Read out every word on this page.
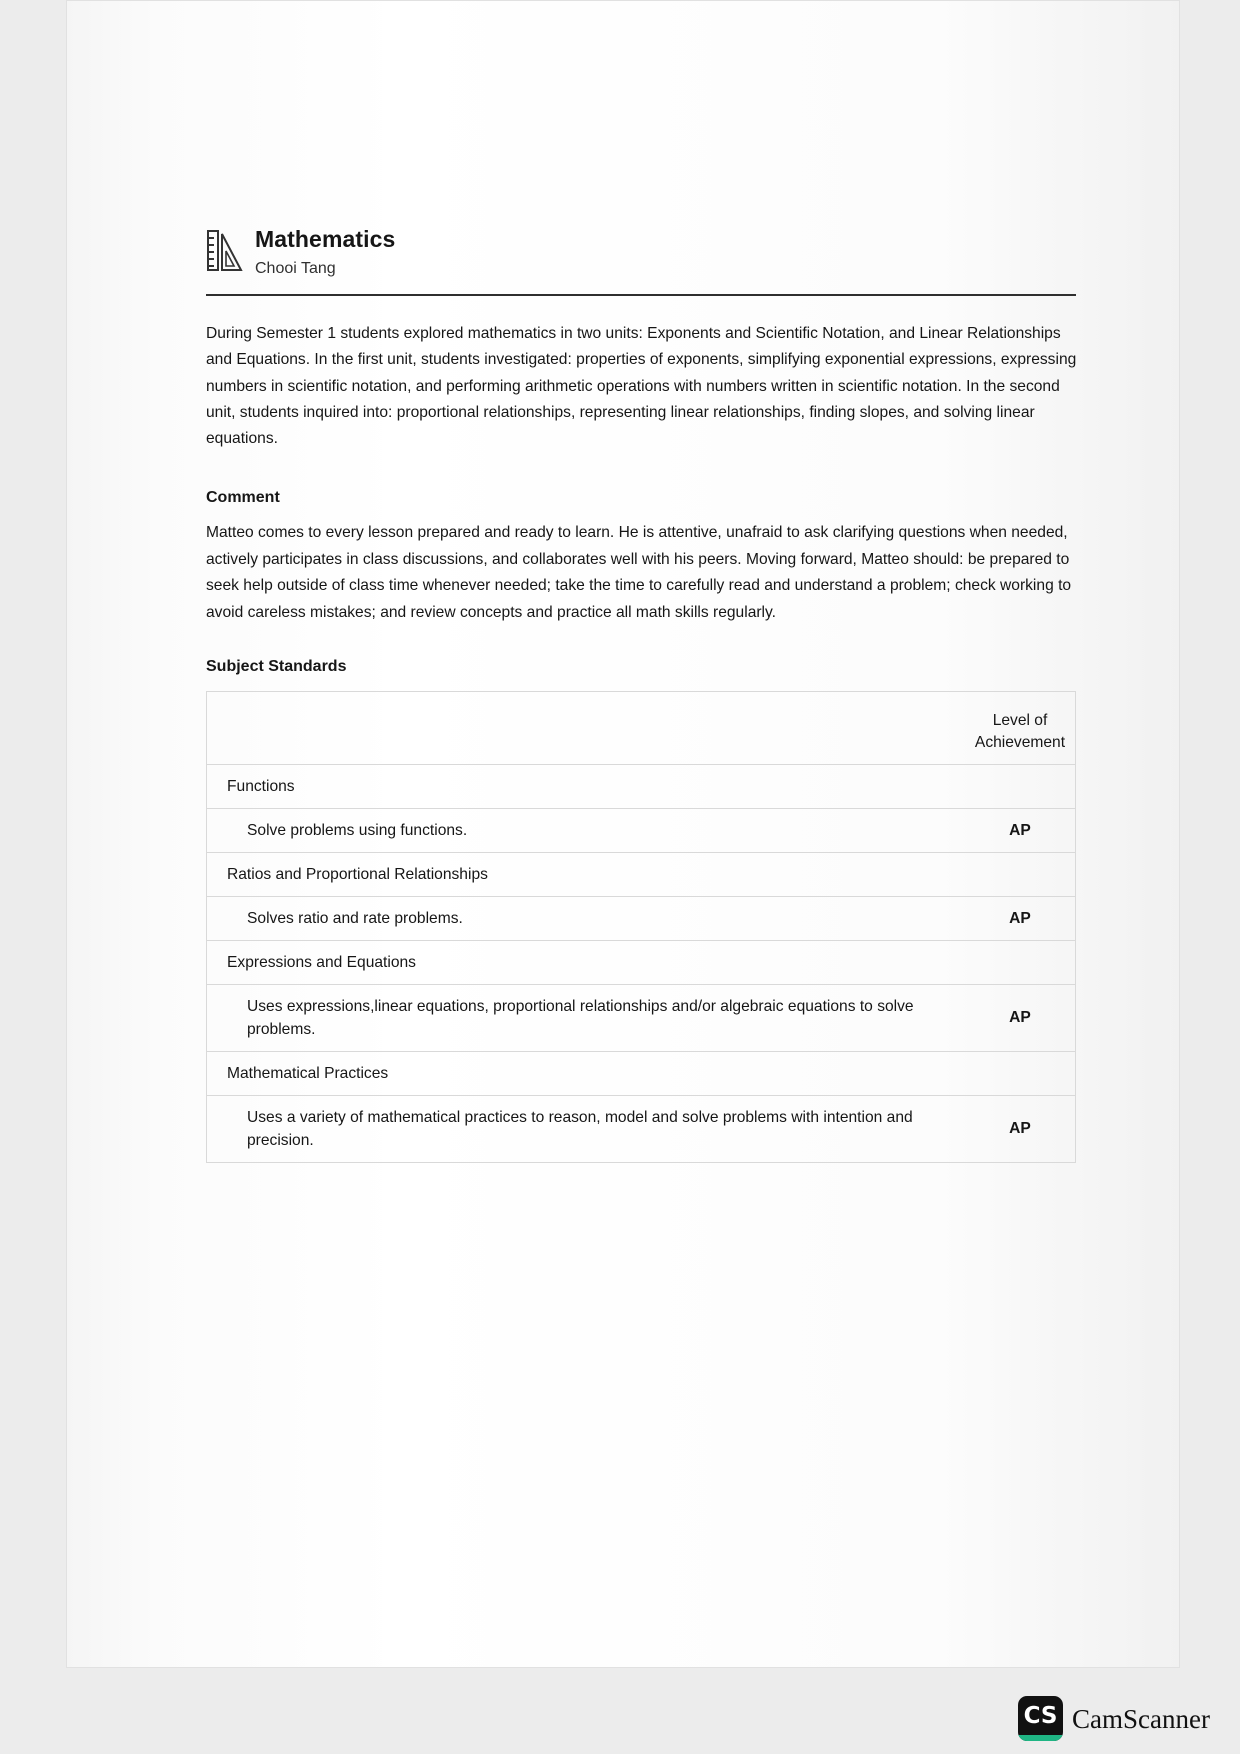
Mathematics
Chooi Tang

During Semester 1 students explored mathematics in two units: Exponents and Scientific Notation, and Linear Relationships and Equations. In the first unit, students investigated: properties of exponents, simplifying exponential expressions, expressing numbers in scientific notation, and performing arithmetic operations with numbers written in scientific notation. In the second unit, students inquired into: proportional relationships, representing linear relationships, finding slopes, and solving linear equations.

Comment

Matteo comes to every lesson prepared and ready to learn. He is attentive, unafraid to ask clarifying questions when needed, actively participates in class discussions, and collaborates well with his peers. Moving forward, Matteo should: be prepared to seek help outside of class time whenever needed; take the time to carefully read and understand a problem; check working to avoid careless mistakes; and review concepts and practice all math skills regularly.

Subject Standards
	Level of Achievement
Functions	
Solve problems using functions.	AP
Ratios and Proportional Relationships	
Solves ratio and rate problems.	AP
Expressions and Equations	
Uses expressions,linear equations, proportional relationships and/or algebraic equations to solve problems.	AP
Mathematical Practices	
Uses a variety of mathematical practices to reason, model and solve problems with intention and precision.	AP
CS CamScanner
